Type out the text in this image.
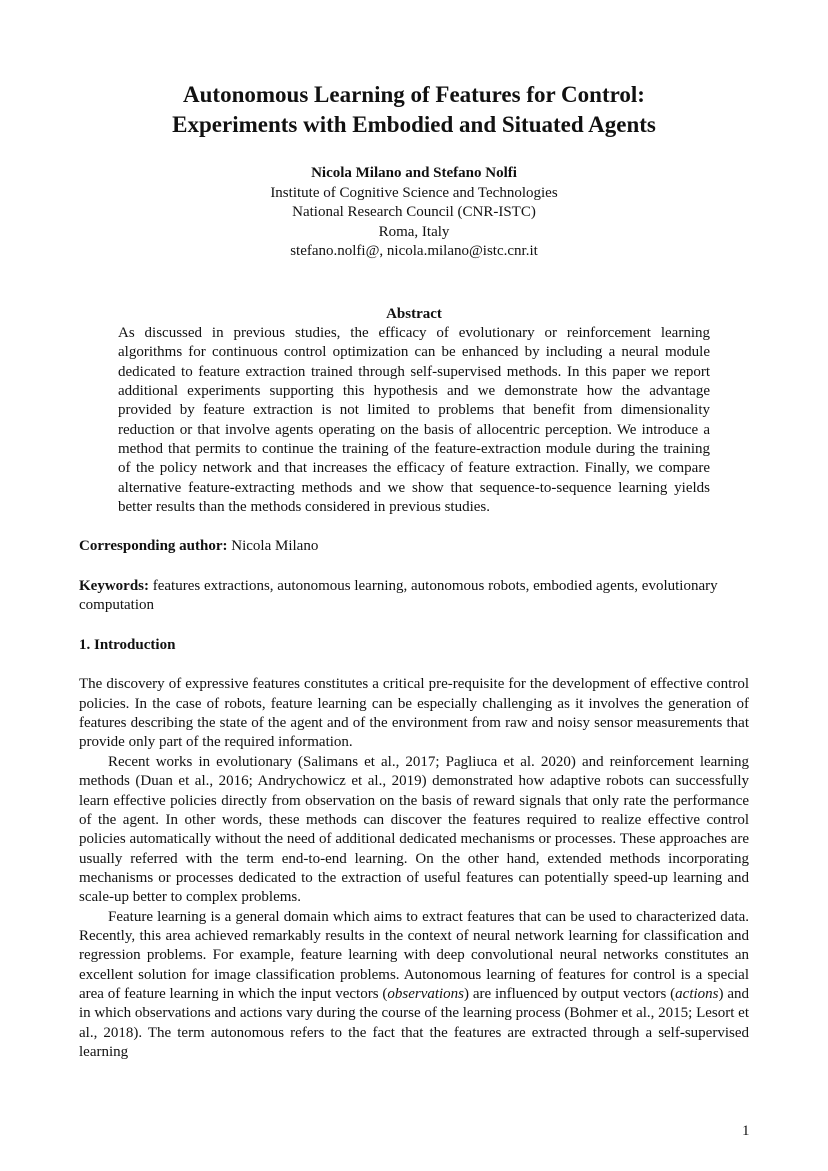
Autonomous Learning of Features for Control:
Experiments with Embodied and Situated Agents
Nicola Milano and Stefano Nolfi
Institute of Cognitive Science and Technologies
National Research Council (CNR-ISTC)
Roma, Italy
stefano.nolfi@, nicola.milano@istc.cnr.it
Abstract

As discussed in previous studies, the efficacy of evolutionary or reinforcement learning algorithms for continuous control optimization can be enhanced by including a neural module dedicated to feature extraction trained through self-supervised methods. In this paper we report additional experiments supporting this hypothesis and we demonstrate how the advantage provided by feature extraction is not limited to problems that benefit from dimensionality reduction or that involve agents operating on the basis of allocentric perception. We introduce a method that permits to continue the training of the feature-extraction module during the training of the policy network and that increases the efficacy of feature extraction. Finally, we compare alternative feature-extracting methods and we show that sequence-to-sequence learning yields better results than the methods considered in previous studies.

Corresponding author: Nicola Milano
Keywords: features extractions, autonomous learning, autonomous robots, embodied agents, evolutionary computation
1. Introduction

The discovery of expressive features constitutes a critical pre-requisite for the development of effective control policies. In the case of robots, feature learning can be especially challenging as it involves the generation of features describing the state of the agent and of the environment from raw and noisy sensor measurements that provide only part of the required information.

Recent works in evolutionary (Salimans et al., 2017; Pagliuca et al. 2020) and reinforcement learning methods (Duan et al., 2016; Andrychowicz et al., 2019) demonstrated how adaptive robots can successfully learn effective policies directly from observation on the basis of reward signals that only rate the performance of the agent. In other words, these methods can discover the features required to realize effective control policies automatically without the need of additional dedicated mechanisms or processes. These approaches are usually referred with the term end-to-end learning. On the other hand, extended methods incorporating mechanisms or processes dedicated to the extraction of useful features can potentially speed-up learning and scale-up better to complex problems.

Feature learning is a general domain which aims to extract features that can be used to characterized data. Recently, this area achieved remarkably results in the context of neural network learning for classification and regression problems. For example, feature learning with deep convolutional neural networks constitutes an excellent solution for image classification problems. Autonomous learning of features for control is a special area of feature learning in which the input vectors (observations) are influenced by output vectors (actions) and in which observations and actions vary during the course of the learning process (Bohmer et al., 2015; Lesort et al., 2018). The term autonomous refers to the fact that the features are extracted through a self-supervised learning

1
